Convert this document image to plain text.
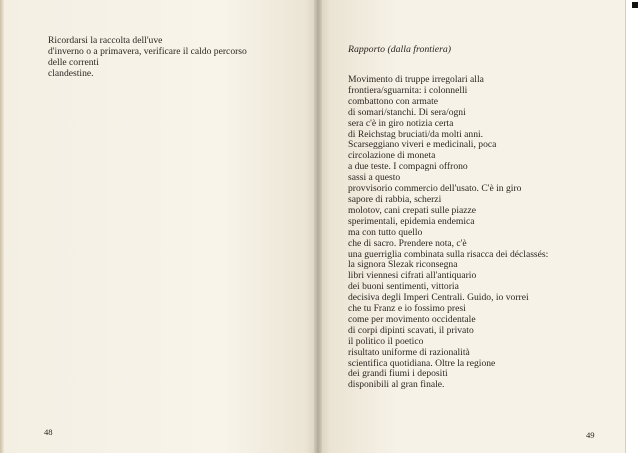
Ricordarsi la raccolta dell'uve
d'inverno o a primavera, verificare il caldo percorso
delle correnti
clandestine.
48
Rapporto (dalla frontiera)
Movimento di truppe irregolari alla
frontiera/sguarnita: i colonnelli
combattono con armate
di somari/stanchi. Di sera/ogni
sera c'è in giro notizia certa
di Reichstag bruciati/da molti anni.
Scarseggiano viveri e medicinali, poca
circolazione di moneta
a due teste. I compagni offrono
sassi a questo
provvisorio commercio dell'usato. C'è in giro
sapore di rabbia, scherzi
molotov, cani crepati sulle piazze
sperimentali, epidemia endemica
ma con tutto quello
che di sacro. Prendere nota, c'è
una guerriglia combinata sulla risacca dei déclassés:
la signora Slezak riconsegna
libri viennesi cifrati all'antiquario
dei buoni sentimenti, vittoria
decisiva degli Imperi Centrali. Guido, io vorrei
che tu Franz e io fossimo presi
come per movimento occidentale
di corpi dipinti scavati, il privato
il politico il poetico
risultato uniforme di razionalità
scientifica quotidiana. Oltre la regione
dei grandi fiumi i depositi
disponibili al gran finale.
49
